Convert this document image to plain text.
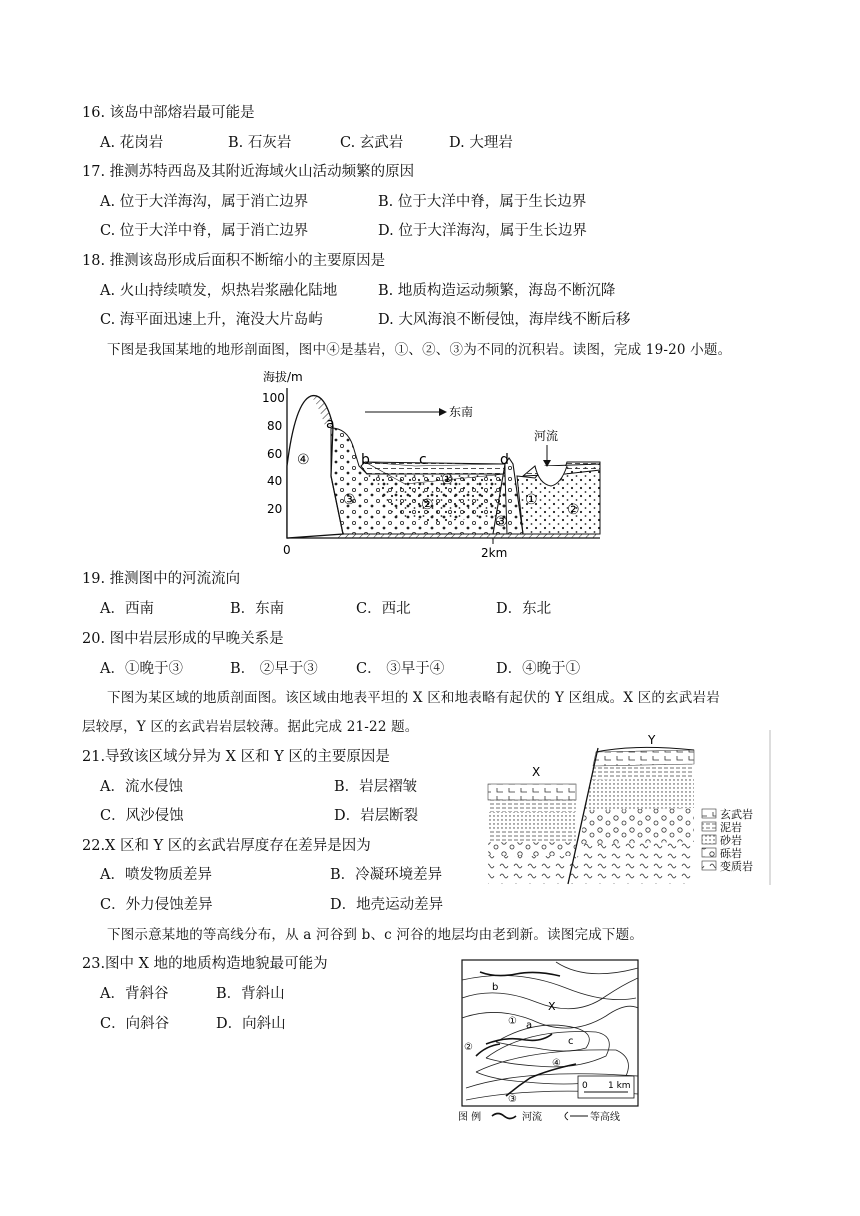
16. 该岛中部熔岩最可能是
A. 花岗岩	B. 石灰岩	C. 玄武岩	D. 大理岩
17. 推测苏特西岛及其附近海域火山活动频繁的原因
A. 位于大洋海沟，属于消亡边界	B. 位于大洋中脊，属于生长边界
C. 位于大洋中脊，属于消亡边界	D. 位于大洋海沟，属于生长边界
18. 推测该岛形成后面积不断缩小的主要原因是
A. 火山持续喷发，炽热岩浆融化陆地	B. 地质构造运动频繁，海岛不断沉降
C. 海平面迅速上升，淹没大片岛屿	D. 大风海浪不断侵蚀，海岸线不断后移
下图是我国某地的地形剖面图，图中④是基岩，①、②、③为不同的沉积岩。读图，完成 19-20 小题。
海拔/m
100
80
60
40
20
0	2km
④
③	②
①
③
①
②
河流
东南
a
b	c	d
19. 推测图中的河流流向
A．西南	B．东南	C．西北	D．东北
20. 图中岩层形成的早晚关系是
A．①晚于③	B． ②早于③	C． ③早于④	D．④晚于①
下图为某区域的地质剖面图。该区域由地表平坦的 X 区和地表略有起伏的 Y 区组成。X 区的玄武岩岩
层较厚，Y 区的玄武岩岩层较薄。据此完成 21-22 题。
21.导致该区域分异为 X 区和 Y 区的主要原因是
A．流水侵蚀	B．岩层褶皱
C．风沙侵蚀	D．岩层断裂
22.X 区和 Y 区的玄武岩厚度存在差异是因为
A．喷发物质差异	B．冷凝环境差异
C．外力侵蚀差异	D．地壳运动差异
X
Y
玄武岩
泥岩
砂岩
砾岩
变质岩
下图示意某地的等高线分布，从 a 河谷到 b、c 河谷的地层均由老到新。读图完成下题。
23.图中 X 地的地质构造地貌最可能为
A．背斜谷	B．背斜山
C．向斜谷	D．向斜山
b
X
a
①
②
c
④
③
0 1 km
图 例	河流	等高线
